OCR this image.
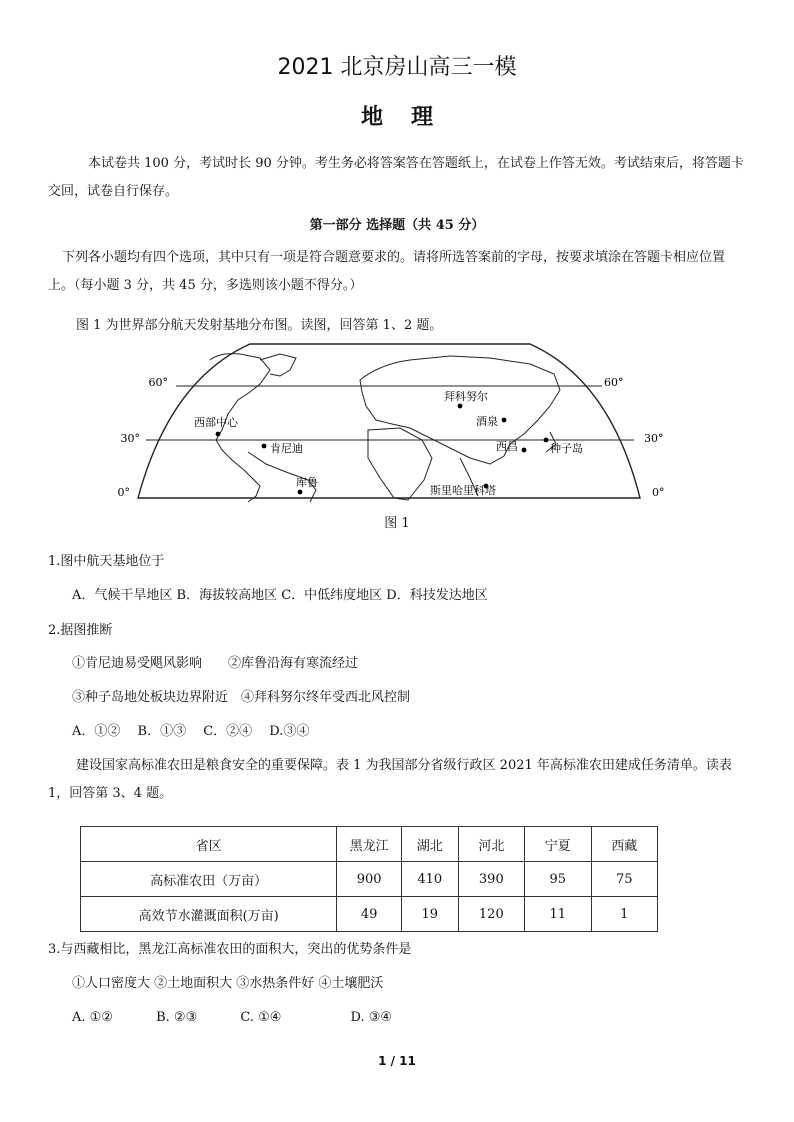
2021 北京房山高三一模
地理
本试卷共 100 分，考试时长 90 分钟。考生务必将答案答在答题纸上，在试卷上作答无效。考试结束后，将答题卡交回，试卷自行保存。
第一部分 选择题（共 45 分）
下列各小题均有四个选项，其中只有一项是符合题意要求的。请将所选答案前的字母，按要求填涂在答题卡相应位置上。（每小题 3 分，共 45 分，多选则该小题不得分。）
图 1 为世界部分航天发射基地分布图。读图，回答第 1、2 题。
60°	60°
30°	30°
0°	0°
西部中心
肯尼迪
库鲁
拜科努尔
酒泉
西昌	种子岛
斯里哈里科塔
图 1
1.图中航天基地位于
A．气候干旱地区 B．海拔较高地区 C．中低纬度地区 D．科技发达地区
2.据图推断
①肯尼迪易受飓风影响　　②库鲁沿海有寒流经过
③种子岛地处板块边界附近　④拜科努尔终年受西北风控制
A．①②　 B．①③　 C．②④　 D.③④
建设国家高标准农田是粮食安全的重要保障。表 1 为我国部分省级行政区 2021 年高标准农田建成任务清单。读表 1，回答第 3、4 题。
省区	黑龙江	湖北	河北	宁夏	西藏
高标准农田（万亩）	900	410	390	95	75
高效节水灌溉面积(万亩)	49	19	120	11	1
3.与西藏相比，黑龙江高标准农田的面积大，突出的优势条件是
①人口密度大 ②土地面积大 ③水热条件好 ④土壤肥沃
A. ①②　　　 B. ②③　　　 C. ①④　　　　　 D. ③④
1 / 11
